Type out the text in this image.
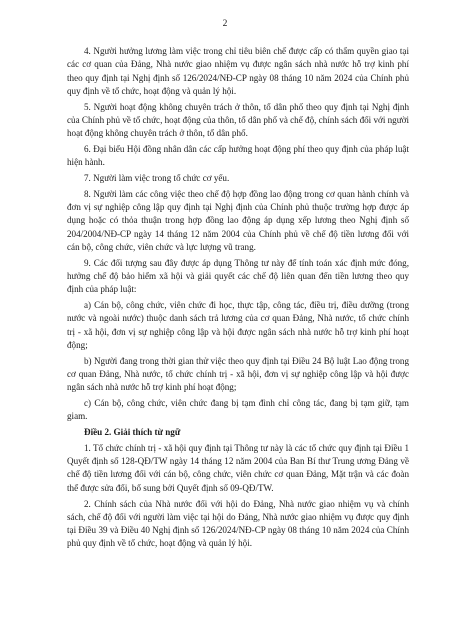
2

4. Người hưởng lương làm việc trong chỉ tiêu biên chế được cấp có thẩm quyền giao tại các cơ quan của Đảng, Nhà nước giao nhiệm vụ được ngân sách nhà nước hỗ trợ kinh phí theo quy định tại Nghị định số 126/2024/NĐ-CP ngày 08 tháng 10 năm 2024 của Chính phủ quy định về tổ chức, hoạt động và quản lý hội.

5. Người hoạt động không chuyên trách ở thôn, tổ dân phố theo quy định tại Nghị định của Chính phủ về tổ chức, hoạt động của thôn, tổ dân phố và chế độ, chính sách đối với người hoạt động không chuyên trách ở thôn, tổ dân phố.

6. Đại biểu Hội đồng nhân dân các cấp hưởng hoạt động phí theo quy định của pháp luật hiện hành.

7. Người làm việc trong tổ chức cơ yếu.

8. Người làm các công việc theo chế độ hợp đồng lao động trong cơ quan hành chính và đơn vị sự nghiệp công lập quy định tại Nghị định của Chính phủ thuộc trường hợp được áp dụng hoặc có thỏa thuận trong hợp đồng lao động áp dụng xếp lương theo Nghị định số 204/2004/NĐ-CP ngày 14 tháng 12 năm 2004 của Chính phủ về chế độ tiền lương đối với cán bộ, công chức, viên chức và lực lượng vũ trang.

9. Các đối tượng sau đây được áp dụng Thông tư này để tính toán xác định mức đóng, hưởng chế độ bảo hiểm xã hội và giải quyết các chế độ liên quan đến tiền lương theo quy định của pháp luật:

a) Cán bộ, công chức, viên chức đi học, thực tập, công tác, điều trị, điều dưỡng (trong nước và ngoài nước) thuộc danh sách trả lương của cơ quan Đảng, Nhà nước, tổ chức chính trị - xã hội, đơn vị sự nghiệp công lập và hội được ngân sách nhà nước hỗ trợ kinh phí hoạt động;

b) Người đang trong thời gian thử việc theo quy định tại Điều 24 Bộ luật Lao động trong cơ quan Đảng, Nhà nước, tổ chức chính trị - xã hội, đơn vị sự nghiệp công lập và hội được ngân sách nhà nước hỗ trợ kinh phí hoạt động;

c) Cán bộ, công chức, viên chức đang bị tạm đình chỉ công tác, đang bị tạm giữ, tạm giam.

Điều 2. Giải thích từ ngữ

1. Tổ chức chính trị - xã hội quy định tại Thông tư này là các tổ chức quy định tại Điều 1 Quyết định số 128-QĐ/TW ngày 14 tháng 12 năm 2004 của Ban Bí thư Trung ương Đảng về chế độ tiền lương đối với cán bộ, công chức, viên chức cơ quan Đảng, Mặt trận và các đoàn thể được sửa đổi, bổ sung bởi Quyết định số 09-QĐ/TW.

2. Chính sách của Nhà nước đối với hội do Đảng, Nhà nước giao nhiệm vụ và chính sách, chế độ đối với người làm việc tại hội do Đảng, Nhà nước giao nhiệm vụ được quy định tại Điều 39 và Điều 40 Nghị định số 126/2024/NĐ-CP ngày 08 tháng 10 năm 2024 của Chính phủ quy định về tổ chức, hoạt động và quản lý hội.
